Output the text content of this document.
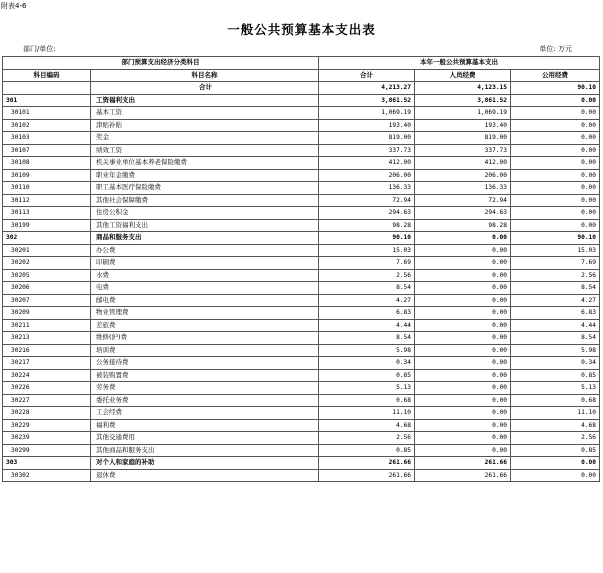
附表4-6
一般公共预算基本支出表
部门/单位:	单位: 万元
部门预算支出经济分类科目		本年一般公共预算基本支出		
科目编码	科目名称	合计	人员经费	公用经费
	合计	4,213.27	4,123.15	90.10
301	工资福利支出	3,861.52	3,861.52	0.00
30101	基本工资	1,069.19	1,069.19	0.00
30102	津贴补贴	193.40	193.40	0.00
30103	奖金	819.00	819.00	0.00
30107	绩效工资	337.73	337.73	0.00
30108	机关事业单位基本养老保险缴费	412.00	412.00	0.00
30109	职业年金缴费	206.00	206.00	0.00
30110	职工基本医疗保险缴费	136.33	136.33	0.00
30112	其他社会保障缴费	72.94	72.94	0.00
30113	住房公积金	294.63	294.63	0.00
30199	其他工资福利支出	98.28	98.28	0.00
302	商品和服务支出	90.10	0.00	90.10
30201	办公费	15.03	0.00	15.03
30202	印刷费	7.69	0.00	7.69
30205	水费	2.56	0.00	2.56
30206	电费	8.54	0.00	8.54
30207	邮电费	4.27	0.00	4.27
30209	物业管理费	6.83	0.00	6.83
30211	差旅费	4.44	0.00	4.44
30213	维修(护)费	8.54	0.00	8.54
30216	培训费	5.98	0.00	5.98
30217	公务接待费	0.34	0.00	0.34
30224	被装购置费	0.85	0.00	0.85
30226	劳务费	5.13	0.00	5.13
30227	委托业务费	0.68	0.00	0.68
30228	工会经费	11.10	0.00	11.10
30229	福利费	4.68	0.00	4.68
30239	其他交通费用	2.56	0.00	2.56
30299	其他商品和服务支出	0.85	0.00	0.85
303	对个人和家庭的补助	261.66	261.66	0.00
30302	退休费	261.66	261.66	0.00
